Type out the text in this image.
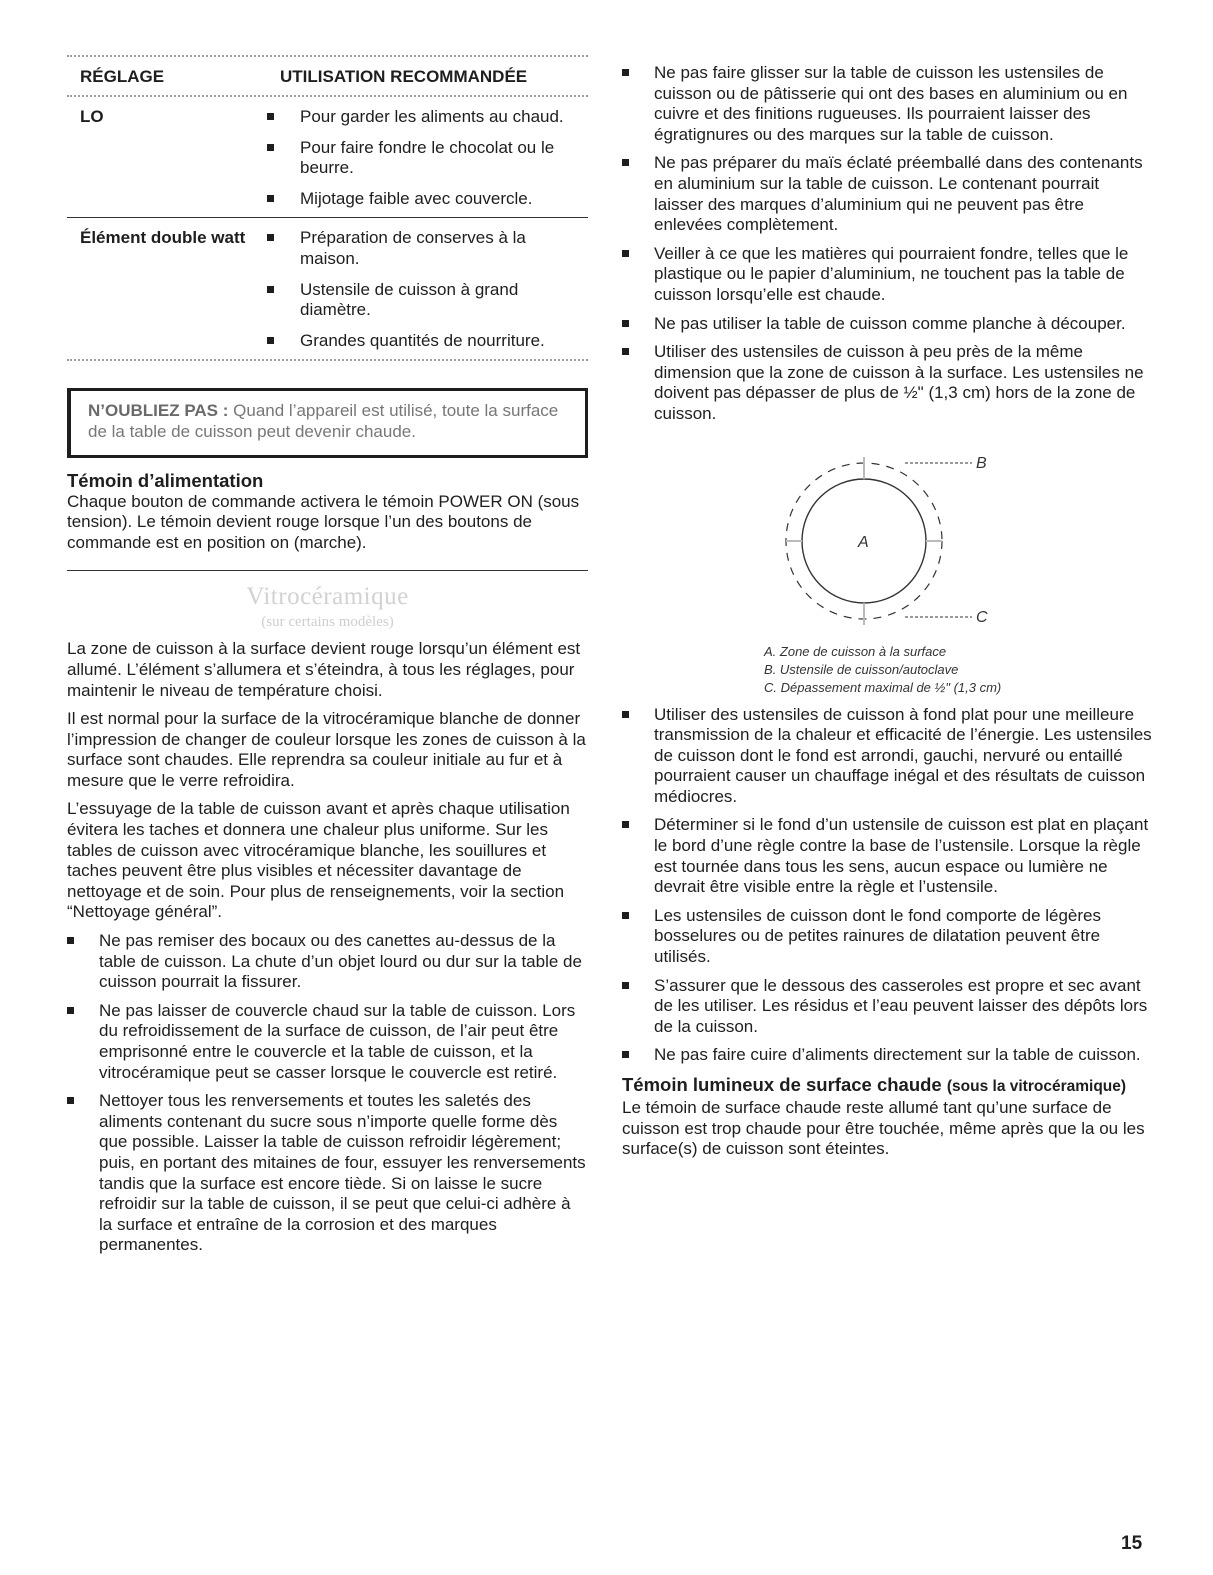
RÉGLAGE	UTILISATION RECOMMANDÉE
LO	Pour garder les aliments au chaud.
Pour faire fondre le chocolat ou le beurre.
Mijotage faible avec couvercle.
Élément double watt	Préparation de conserves à la maison.
Ustensile de cuisson à grand diamètre.
Grandes quantités de nourriture.

N’OUBLIEZ PAS : Quand l’appareil est utilisé, toute la surface de la table de cuisson peut devenir chaude.

Témoin d’alimentation

Chaque bouton de commande activera le témoin POWER ON (sous tension). Le témoin devient rouge lorsque l’un des boutons de commande est en position on (marche).

Vitrocéramique
(sur certains modèles)

La zone de cuisson à la surface devient rouge lorsqu’un élément est allumé. L’élément s’allumera et s’éteindra, à tous les réglages, pour maintenir le niveau de température choisi.

Il est normal pour la surface de la vitrocéramique blanche de donner l’impression de changer de couleur lorsque les zones de cuisson à la surface sont chaudes. Elle reprendra sa couleur initiale au fur et à mesure que le verre refroidira.

L’essuyage de la table de cuisson avant et après chaque utilisation évitera les taches et donnera une chaleur plus uniforme. Sur les tables de cuisson avec vitrocéramique blanche, les souillures et taches peuvent être plus visibles et nécessiter davantage de nettoyage et de soin. Pour plus de renseignements, voir la section “Nettoyage général”.

Ne pas remiser des bocaux ou des canettes au-dessus de la table de cuisson. La chute d’un objet lourd ou dur sur la table de cuisson pourrait la fissurer.
Ne pas laisser de couvercle chaud sur la table de cuisson. Lors du refroidissement de la surface de cuisson, de l’air peut être emprisonné entre le couvercle et la table de cuisson, et la vitrocéramique peut se casser lorsque le couvercle est retiré.
Nettoyer tous les renversements et toutes les saletés des aliments contenant du sucre sous n’importe quelle forme dès que possible. Laisser la table de cuisson refroidir légèrement; puis, en portant des mitaines de four, essuyer les renversements tandis que la surface est encore tiède. Si on laisse le sucre refroidir sur la table de cuisson, il se peut que celui-ci adhère à la surface et entraîne de la corrosion et des marques permanentes.
Ne pas faire glisser sur la table de cuisson les ustensiles de cuisson ou de pâtisserie qui ont des bases en aluminium ou en cuivre et des finitions rugueuses. Ils pourraient laisser des égratignures ou des marques sur la table de cuisson.
Ne pas préparer du maïs éclaté préemballé dans des contenants en aluminium sur la table de cuisson. Le contenant pourrait laisser des marques d’aluminium qui ne peuvent pas être enlevées complètement.
Veiller à ce que les matières qui pourraient fondre, telles que le plastique ou le papier d’aluminium, ne touchent pas la table de cuisson lorsqu’elle est chaude.
Ne pas utiliser la table de cuisson comme planche à découper.
Utiliser des ustensiles de cuisson à peu près de la même dimension que la zone de cuisson à la surface. Les ustensiles ne doivent pas dépasser de plus de ½" (1,3 cm) hors de la zone de cuisson.
A
B
C
A. Zone de cuisson à la surface
B. Ustensile de cuisson/autoclave
C. Dépassement maximal de ½" (1,3 cm)
Utiliser des ustensiles de cuisson à fond plat pour une meilleure transmission de la chaleur et efficacité de l’énergie. Les ustensiles de cuisson dont le fond est arrondi, gauchi, nervuré ou entaillé pourraient causer un chauffage inégal et des résultats de cuisson médiocres.
Déterminer si le fond d’un ustensile de cuisson est plat en plaçant le bord d’une règle contre la base de l’ustensile. Lorsque la règle est tournée dans tous les sens, aucun espace ou lumière ne devrait être visible entre la règle et l’ustensile.
Les ustensiles de cuisson dont le fond comporte de légères bosselures ou de petites rainures de dilatation peuvent être utilisés.
S’assurer que le dessous des casseroles est propre et sec avant de les utiliser. Les résidus et l’eau peuvent laisser des dépôts lors de la cuisson.
Ne pas faire cuire d’aliments directement sur la table de cuisson.
Témoin lumineux de surface chaude (sous la vitrocéramique)

Le témoin de surface chaude reste allumé tant qu’une surface de cuisson est trop chaude pour être touchée, même après que la ou les surface(s) de cuisson sont éteintes.

15
